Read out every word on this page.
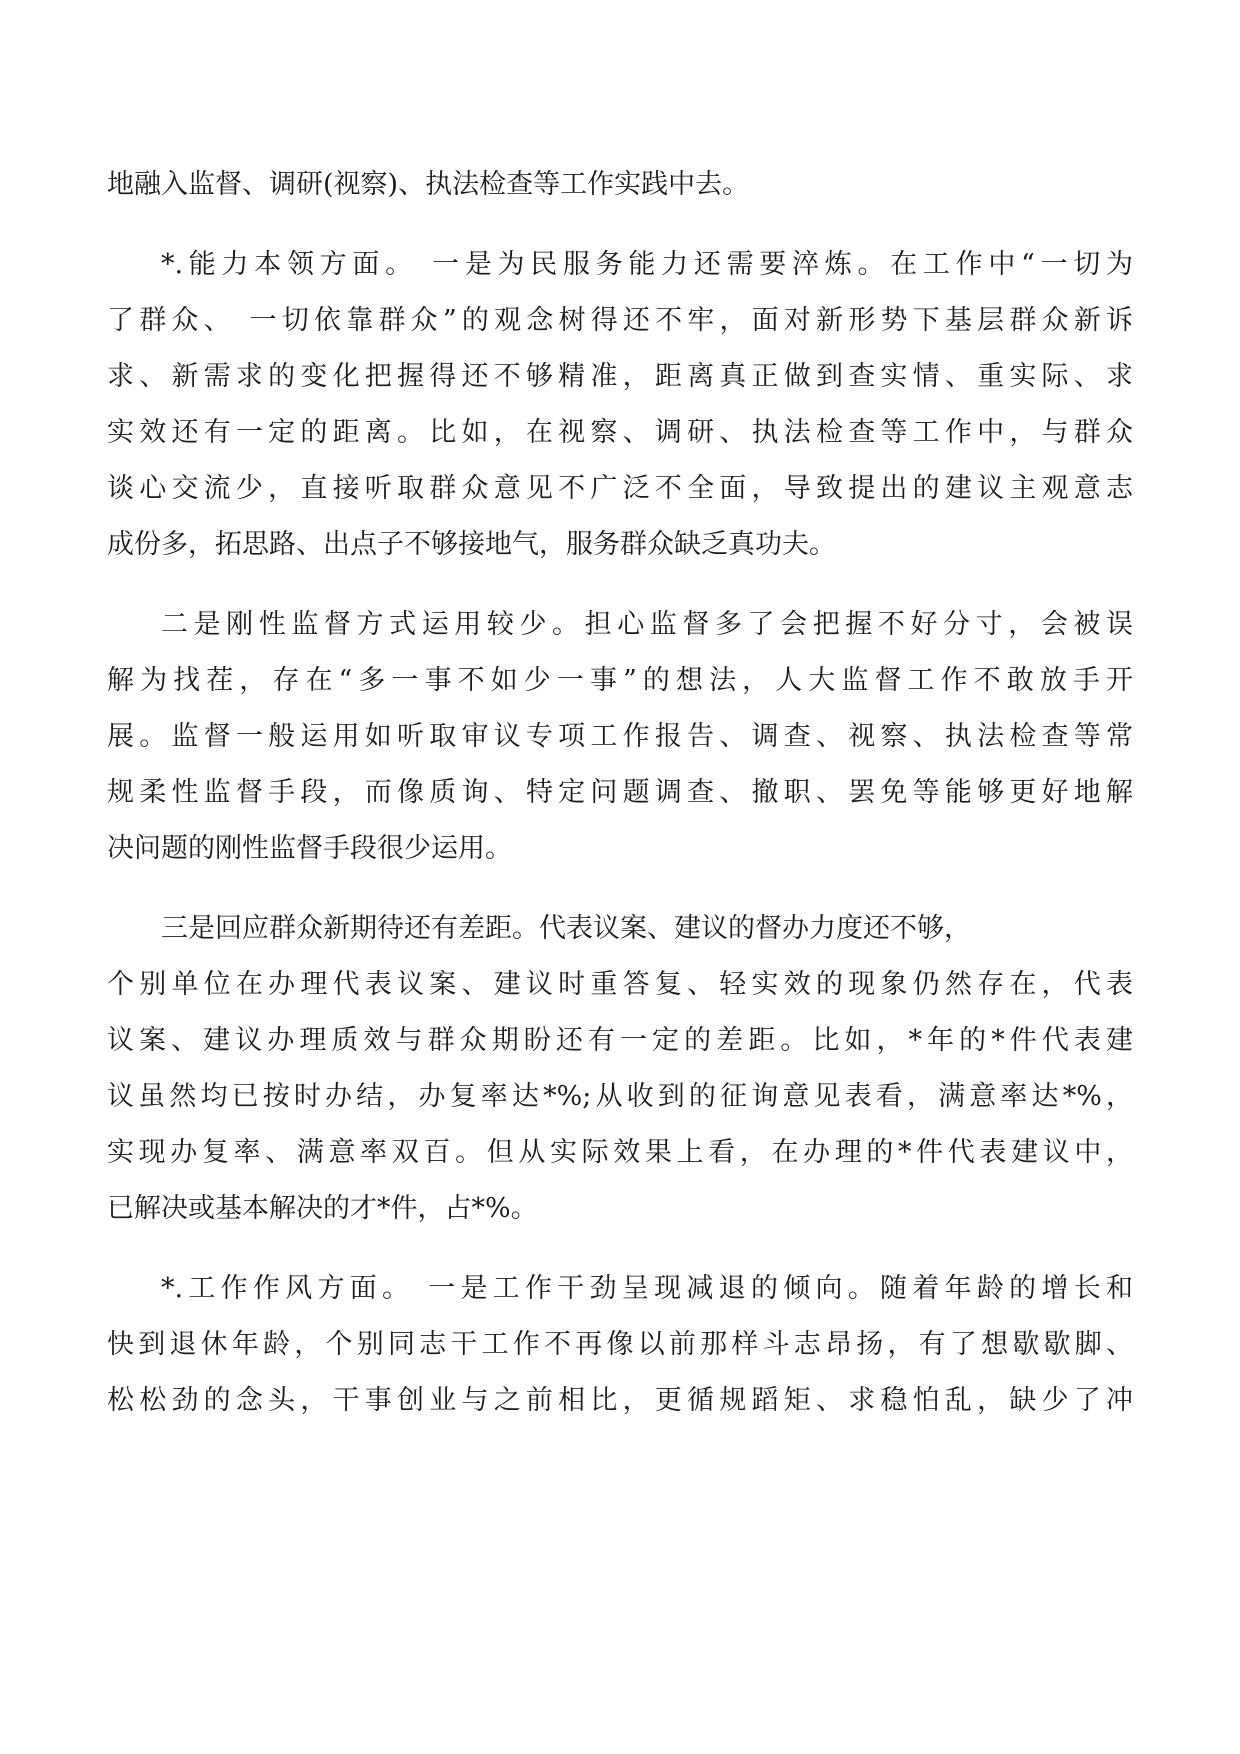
地融入监督、调研(视察)、执法检查等工作实践中去。
*.能力本领方面。 一是为民服务能力还需要淬炼。在工作中“一切为
了群众、 一切依靠群众”的观念树得还不牢，面对新形势下基层群众新诉
求、新需求的变化把握得还不够精准，距离真正做到查实情、重实际、求
实效还有一定的距离。比如，在视察、调研、执法检查等工作中，与群众
谈心交流少，直接听取群众意见不广泛不全面，导致提出的建议主观意志
成份多，拓思路、出点子不够接地气，服务群众缺乏真功夫。
二是刚性监督方式运用较少。担心监督多了会把握不好分寸，会被误
解为找茬，存在“多一事不如少一事”的想法，人大监督工作不敢放手开
展。监督一般运用如听取审议专项工作报告、调查、视察、执法检查等常
规柔性监督手段，而像质询、特定问题调查、撤职、罢免等能够更好地解
决问题的刚性监督手段很少运用。
三是回应群众新期待还有差距。代表议案、建议的督办力度还不够，
个别单位在办理代表议案、建议时重答复、轻实效的现象仍然存在，代表
议案、建议办理质效与群众期盼还有一定的差距。比如，*年的*件代表建
议虽然均已按时办结，办复率达*%;从收到的征询意见表看，满意率达*%，
实现办复率、满意率双百。但从实际效果上看，在办理的*件代表建议中，
已解决或基本解决的才*件，占*%。
*.工作作风方面。 一是工作干劲呈现减退的倾向。随着年龄的增长和
快到退休年龄，个别同志干工作不再像以前那样斗志昂扬，有了想歇歇脚、
松松劲的念头，干事创业与之前相比，更循规蹈矩、求稳怕乱，缺少了冲
